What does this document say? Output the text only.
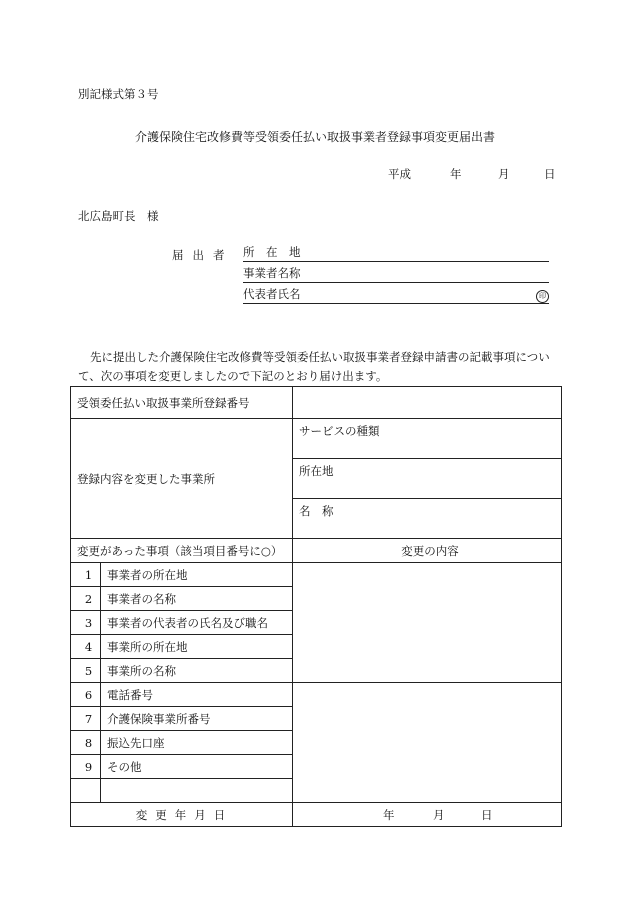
別記様式第３号
介護保険住宅改修費等受領委任払い取扱事業者登録事項変更届出書
平成	年	月	日
北広島町長　様
届出者 所　在　地
事業者名称
代表者氏名	印
先に提出した介護保険住宅改修費等受領委任払い取扱事業者登録申請書の記載事項について、次の事項を変更しましたので下記のとおり届け出ます。
受領委任払い取扱事業所登録番号		
登録内容を変更した事業所		サービスの種類
		所在地
		名　称
変更があった事項（該当項目番号に○）		変更の内容
1	事業者の所在地	
2	事業者の名称	
3	事業者の代表者の氏名及び職名	
4	事業所の所在地	
5	事業所の名称	
6	電話番号	
7	介護保険事業所番号	
8	振込先口座	
9	その他	

変更年月日		年 月 日
